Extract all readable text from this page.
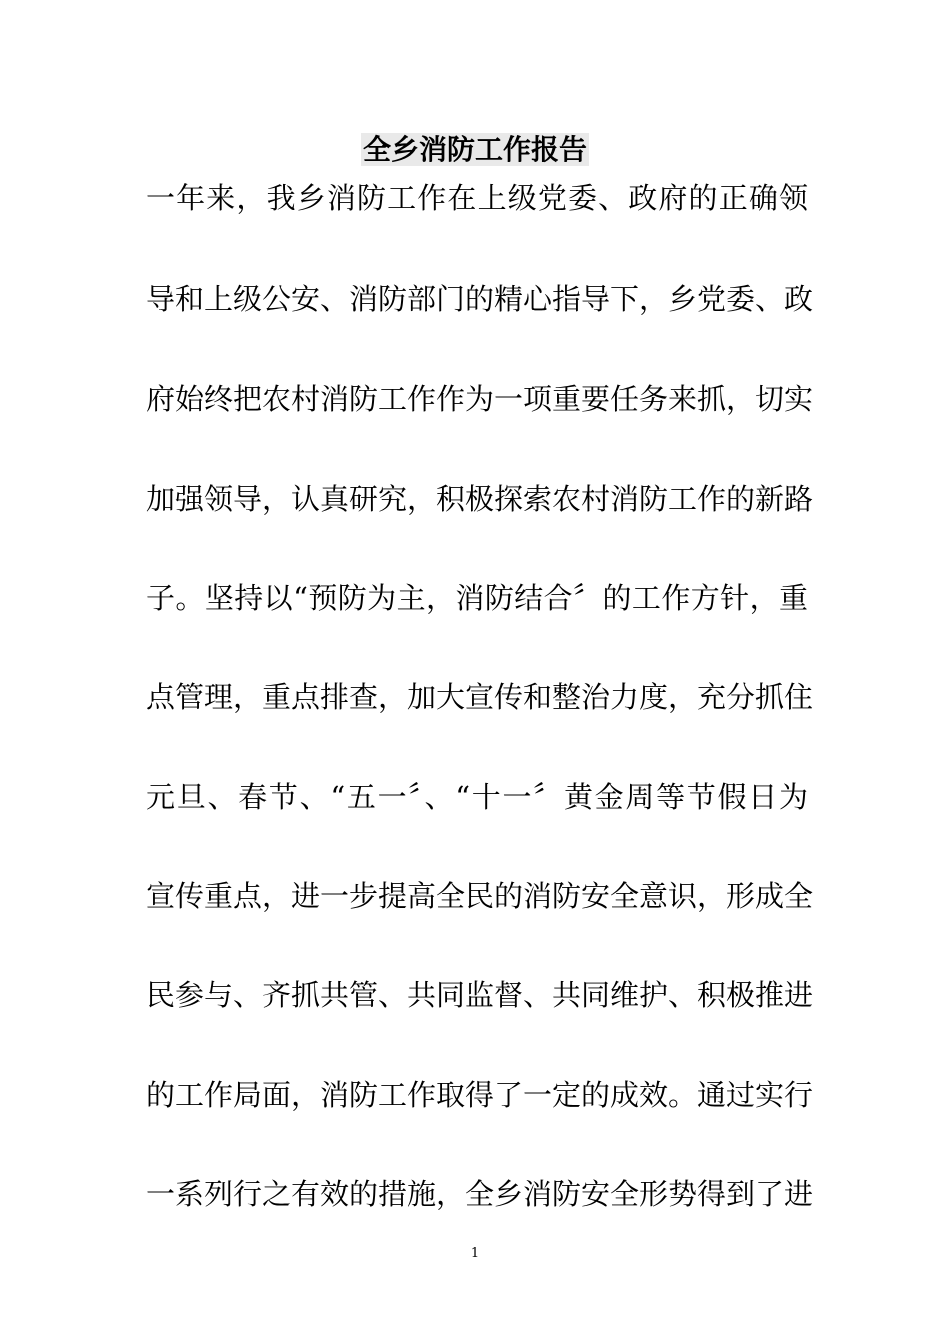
全乡消防工作报告
一年来，我乡消防工作在上级党委、政府的正确领
导和上级公安、消防部门的精心指导下，乡党委、政
府始终把农村消防工作作为一项重要任务来抓，切实
加强领导，认真研究，积极探索农村消防工作的新路
子。坚持以“预防为主，消防结合〞的工作方针，重
点管理，重点排查，加大宣传和整治力度，充分抓住
元旦、春节、“五一〞、“十一〞黄金周等节假日为
宣传重点，进一步提高全民的消防安全意识，形成全
民参与、齐抓共管、共同监督、共同维护、积极推进
的工作局面，消防工作取得了一定的成效。通过实行
一系列行之有效的措施，全乡消防安全形势得到了进
1
